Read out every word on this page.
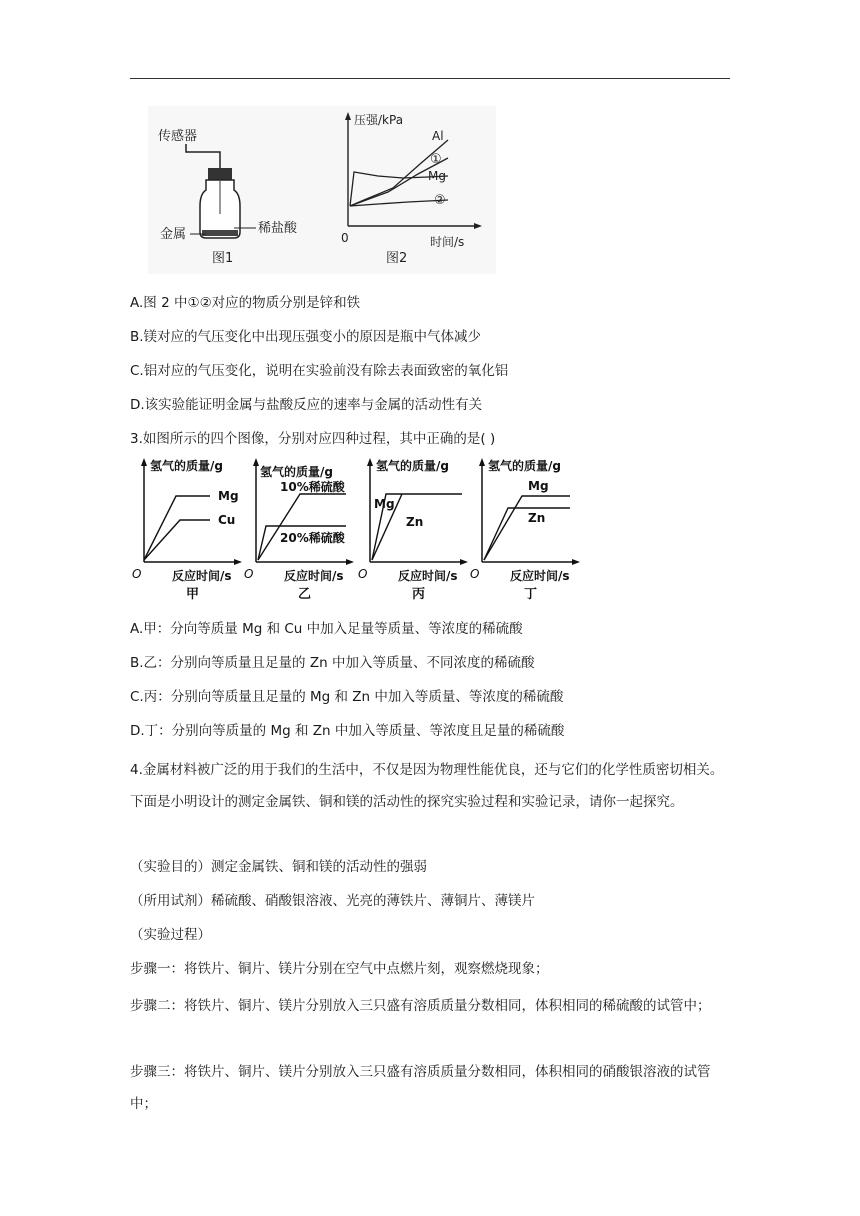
传感器
金属	稀盐酸
图1
压强/kPa
时间/s
0
Al
①
Mg
②
图2
A.图 2 中①②对应的物质分别是锌和铁
B.镁对应的气压变化中出现压强变小的原因是瓶中气体减少
C.铝对应的气压变化，说明在实验前没有除去表面致密的氧化铝
D.该实验能证明金属与盐酸反应的速率与金属的活动性有关
3.如图所示的四个图像，分别对应四种过程，其中正确的是( )
氢气的质量/g
反应时间/s
O
Mg
Cu
甲
氢气的质量/g
反应时间/s
O
10%稀硫酸
20%稀硫酸
乙
氢气的质量/g
反应时间/s
O
Mg
Zn
丙
氢气的质量/g
反应时间/s
O
Mg
Zn
丁
A.甲：分向等质量 Mg 和 Cu 中加入足量等质量、等浓度的稀硫酸
B.乙：分别向等质量且足量的 Zn 中加入等质量、不同浓度的稀硫酸
C.丙：分别向等质量且足量的 Mg 和 Zn 中加入等质量、等浓度的稀硫酸
D.丁：分别向等质量的 Mg 和 Zn 中加入等质量、等浓度且足量的稀硫酸
4.金属材料被广泛的用于我们的生活中，不仅是因为物理性能优良，还与它们的化学性质密切相关。下面是小明设计的测定金属铁、铜和镁的活动性的探究实验过程和实验记录，请你一起探究。
（实验目的）测定金属铁、铜和镁的活动性的强弱
（所用试剂）稀硫酸、硝酸银溶液、光亮的薄铁片、薄铜片、薄镁片
（实验过程）
步骤一：将铁片、铜片、镁片分别在空气中点燃片刻，观察燃烧现象；
步骤二：将铁片、铜片、镁片分别放入三只盛有溶质质量分数相同，体积相同的稀硫酸的试管中；
步骤三：将铁片、铜片、镁片分别放入三只盛有溶质质量分数相同，体积相同的硝酸银溶液的试管中；
